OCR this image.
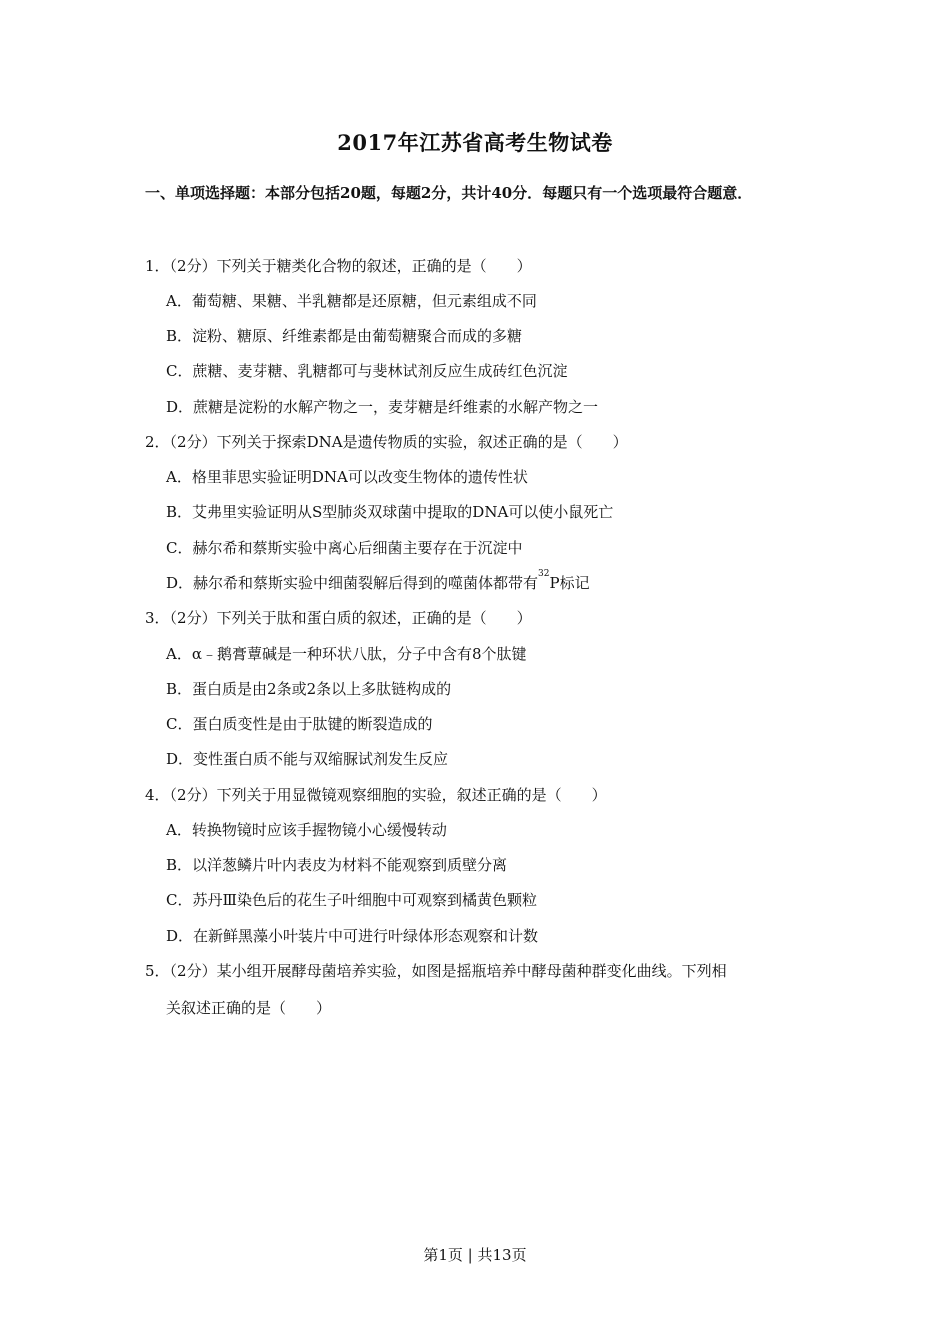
2017年江苏省高考生物试卷
一、单项选择题：本部分包括20题，每题2分，共计40分．每题只有一个选项最符合题意．
1．（2分）下列关于糖类化合物的叙述，正确的是（　　）
A．葡萄糖、果糖、半乳糖都是还原糖，但元素组成不同
B．淀粉、糖原、纤维素都是由葡萄糖聚合而成的多糖
C．蔗糖、麦芽糖、乳糖都可与斐林试剂反应生成砖红色沉淀
D．蔗糖是淀粉的水解产物之一，麦芽糖是纤维素的水解产物之一
2．（2分）下列关于探索DNA是遗传物质的实验，叙述正确的是（　　）
A．格里菲思实验证明DNA可以改变生物体的遗传性状
B．艾弗里实验证明从S型肺炎双球菌中提取的DNA可以使小鼠死亡
C．赫尔希和蔡斯实验中离心后细菌主要存在于沉淀中
D．赫尔希和蔡斯实验中细菌裂解后得到的噬菌体都带有$^{32}$P标记
3．（2分）下列关于肽和蛋白质的叙述，正确的是（　　）
A．α﹣鹅膏蕈碱是一种环状八肽，分子中含有8个肽键
B．蛋白质是由2条或2条以上多肽链构成的
C．蛋白质变性是由于肽键的断裂造成的
D．变性蛋白质不能与双缩脲试剂发生反应
4．（2分）下列关于用显微镜观察细胞的实验，叙述正确的是（　　）
A．转换物镜时应该手握物镜小心缓慢转动
B．以洋葱鳞片叶内表皮为材料不能观察到质壁分离
C．苏丹Ⅲ染色后的花生子叶细胞中可观察到橘黄色颗粒
D．在新鲜黑藻小叶装片中可进行叶绿体形态观察和计数
5．（2分）某小组开展酵母菌培养实验，如图是摇瓶培养中酵母菌种群变化曲线。下列相
关叙述正确的是（　　）
第1页 | 共13页
